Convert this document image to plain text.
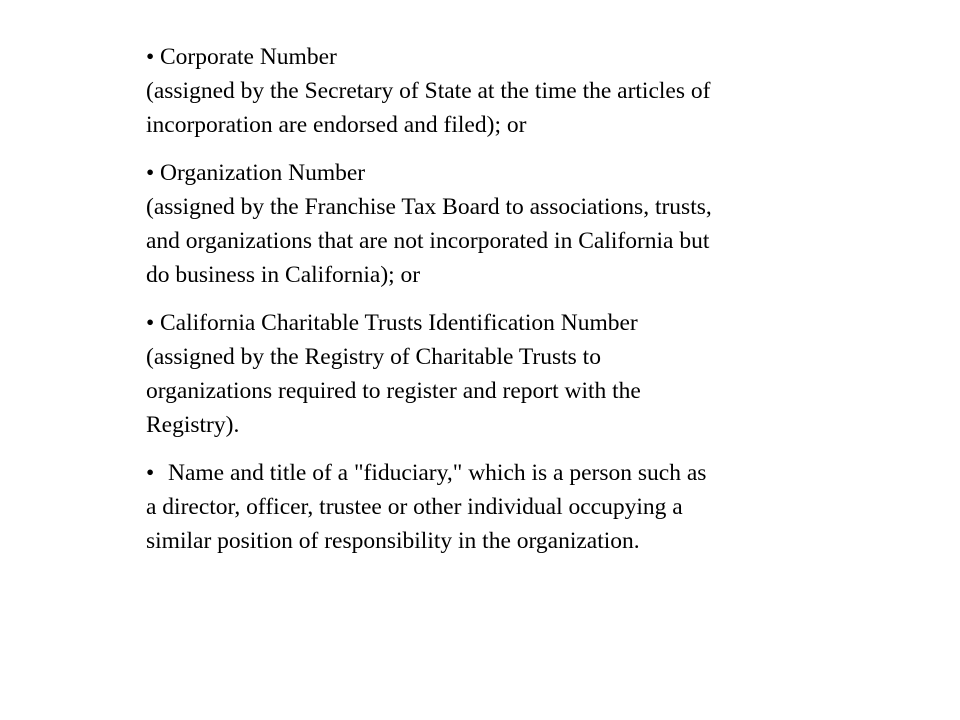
• Corporate Number
(assigned by the Secretary of State at the time the articles of
incorporation are endorsed and filed); or
• Organization Number
(assigned by the Franchise Tax Board to associations, trusts,
and organizations that are not incorporated in California but
do business in California); or
• California Charitable Trusts Identification Number
(assigned by the Registry of Charitable Trusts to
organizations required to register and report with the
Registry).
• Name and title of a "fiduciary," which is a person such as
a director, officer, trustee or other individual occupying a
similar position of responsibility in the organization.
